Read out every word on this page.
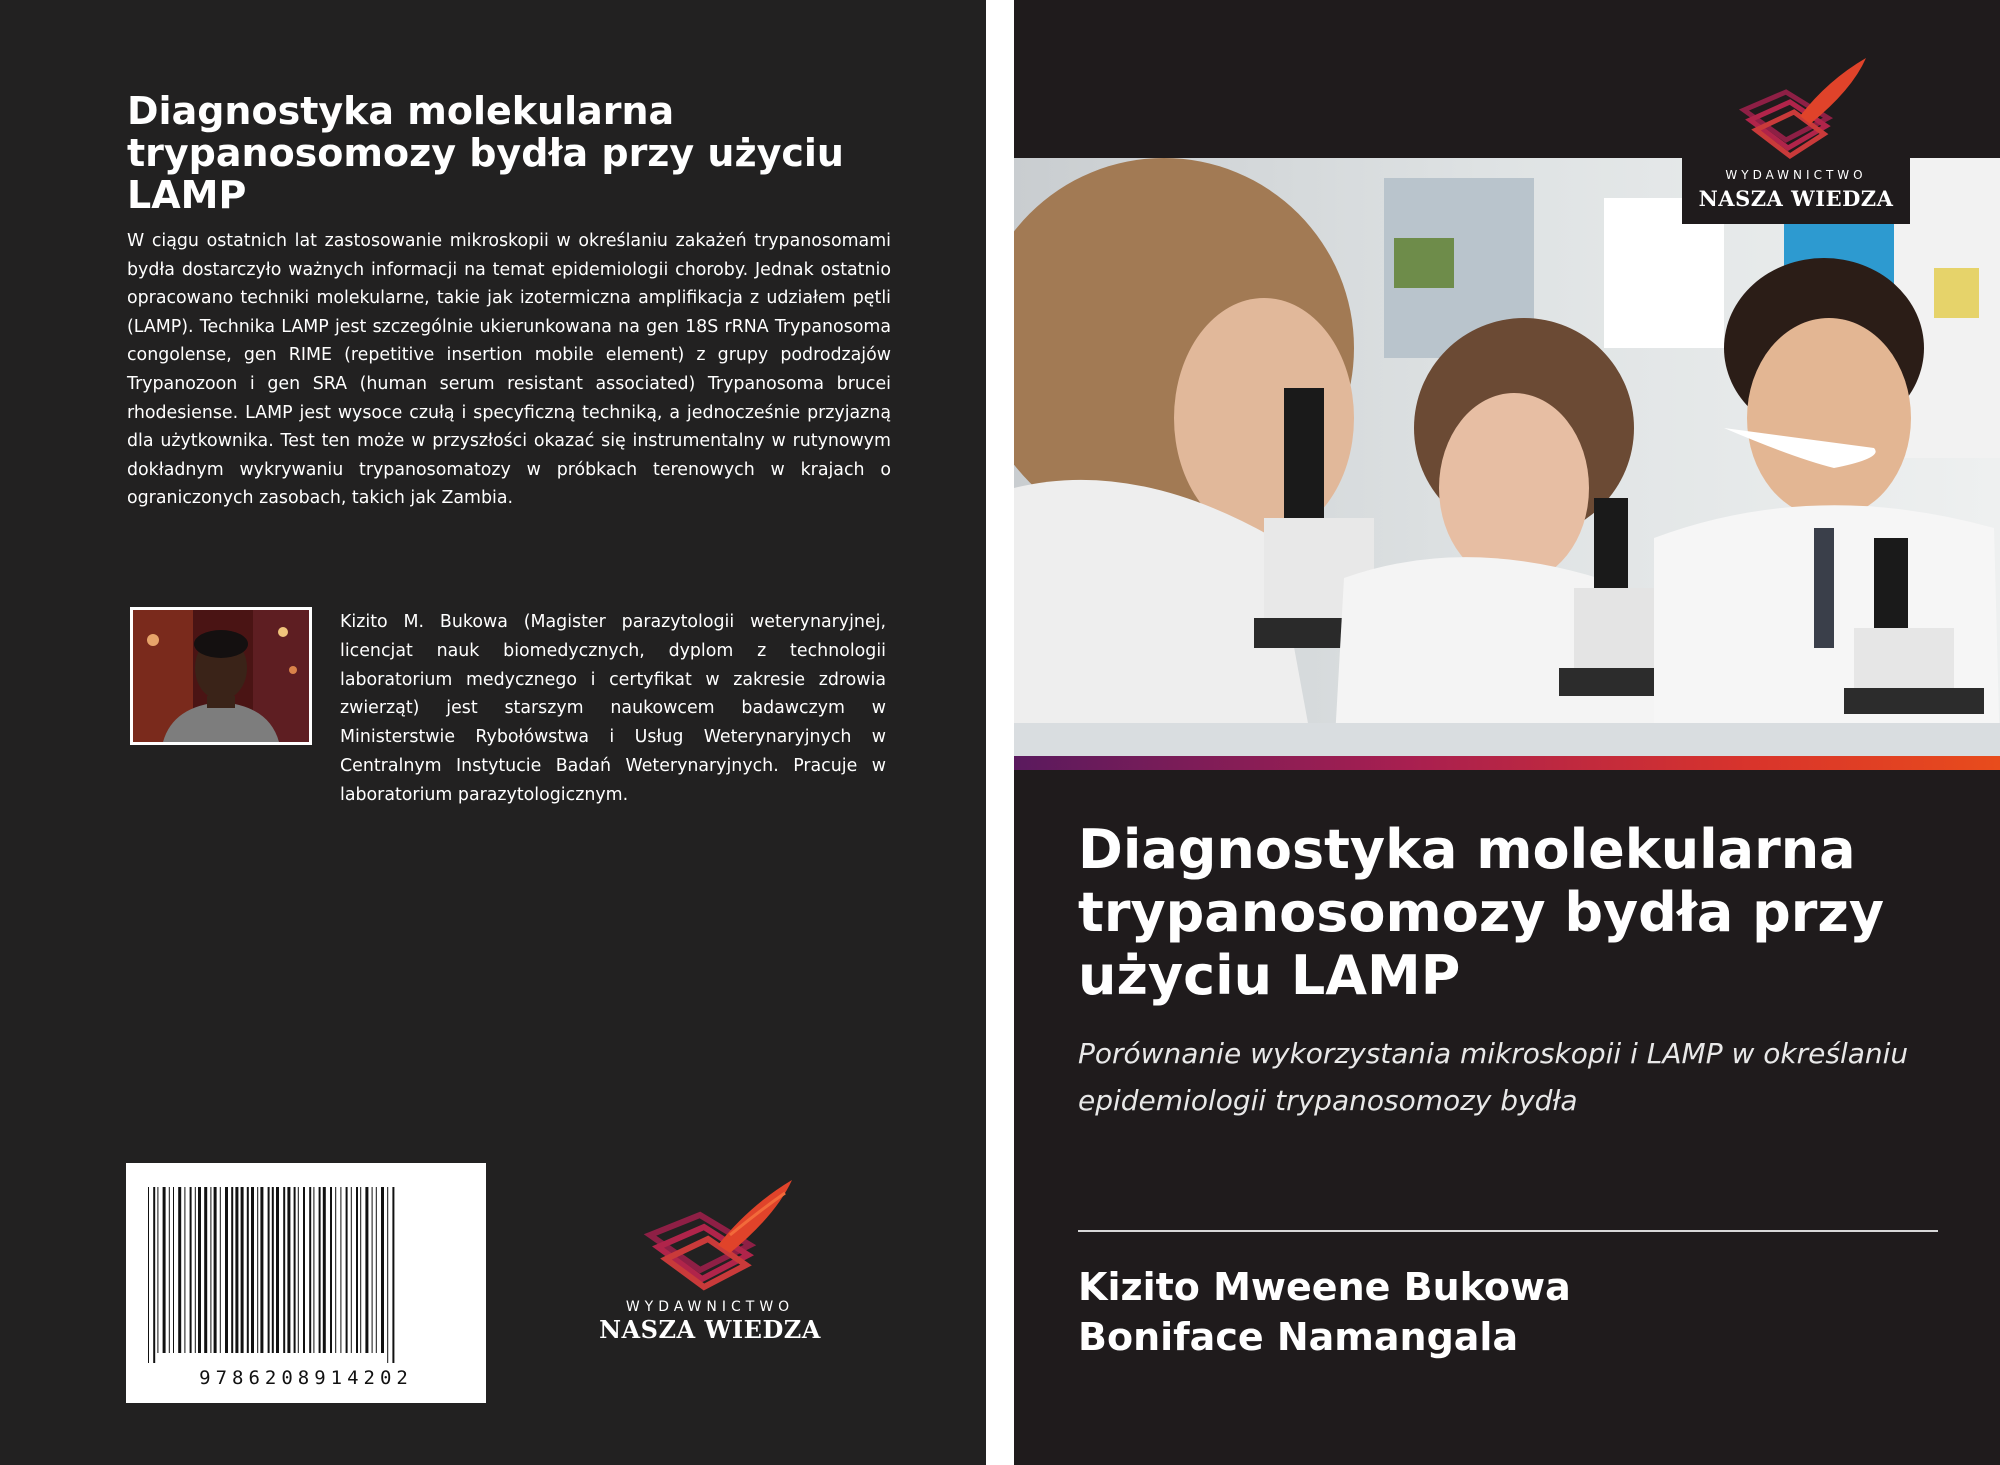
Diagnostyka molekularna trypanosomozy bydła przy użyciu LAMP
W ciągu ostatnich lat zastosowanie mikroskopii w określaniu zakażeń trypanosomami bydła dostarczyło ważnych informacji na temat epidemiologii choroby. Jednak ostatnio opracowano techniki molekularne, takie jak izotermiczna amplifikacja z udziałem pętli (LAMP). Technika LAMP jest szczególnie ukierunkowana na gen 18S rRNA Trypanosoma congolense, gen RIME (repetitive insertion mobile element) z grupy podrodzajów Trypanozoon i gen SRA (human serum resistant associated) Trypanosoma brucei rhodesiense. LAMP jest wysoce czułą i specyficzną techniką, a jednocześnie przyjazną dla użytkownika. Test ten może w przyszłości okazać się instrumentalny w rutynowym dokładnym wykrywaniu trypanosomatozy w próbkach terenowych w krajach o ograniczonych zasobach, takich jak Zambia.
Kizito M. Bukowa (Magister parazytologii weterynaryjnej, licencjat nauk biomedycznych, dyplom z technologii laboratorium medycznego i certyfikat w zakresie zdrowia zwierząt) jest starszym naukowcem badawczym w Ministerstwie Rybołówstwa i Usług Weterynaryjnych w Centralnym Instytucie Badań Weterynaryjnych. Pracuje w laboratorium parazytologicznym.
9786208914202
WYDAWNICTWO
NASZA WIEDZA
WYDAWNICTWO
NASZA WIEDZA
Diagnostyka molekularna trypanosomozy bydła przy użyciu LAMP
Porównanie wykorzystania mikroskopii i LAMP w określaniu epidemiologii trypanosomozy bydła
Kizito Mweene Bukowa
Boniface Namangala
